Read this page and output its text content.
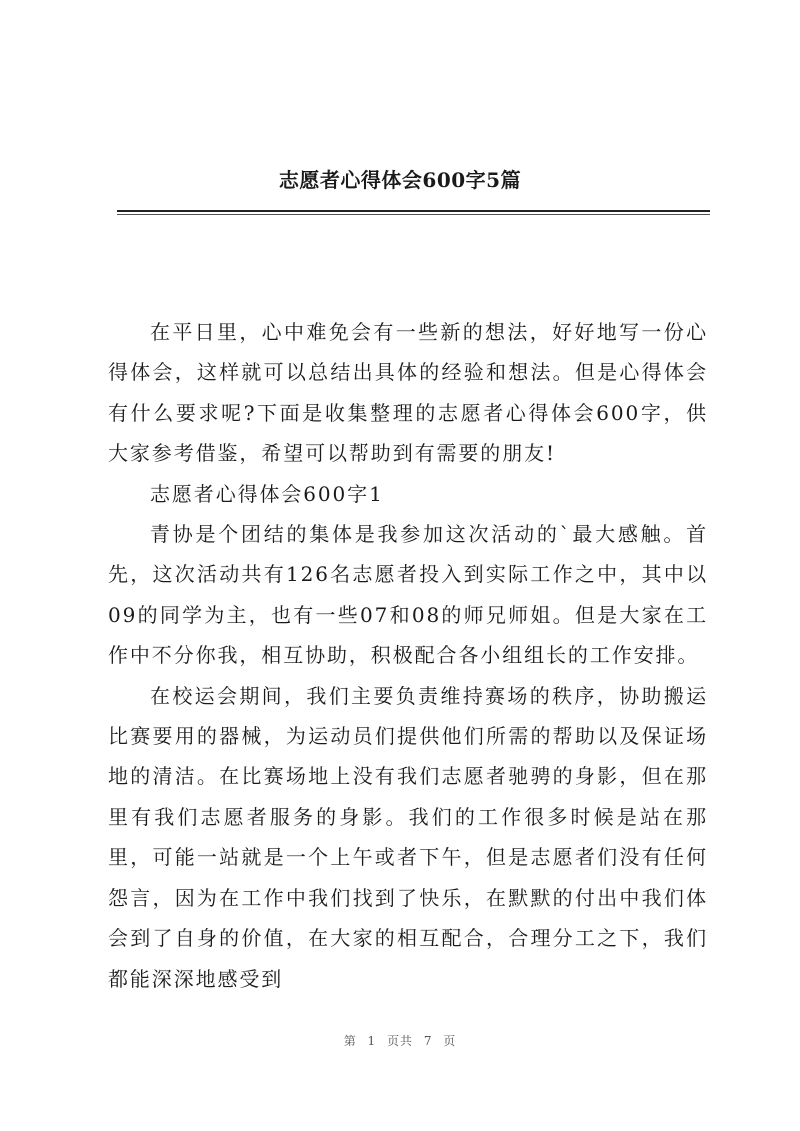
志愿者心得体会600字5篇

在平日里，心中难免会有一些新的想法，好好地写一份心得体会，这样就可以总结出具体的经验和想法。但是心得体会有什么要求呢?下面是收集整理的志愿者心得体会600字，供大家参考借鉴，希望可以帮助到有需要的朋友!

志愿者心得体会600字1

青协是个团结的集体是我参加这次活动的`最大感触。首先，这次活动共有126名志愿者投入到实际工作之中，其中以09的同学为主，也有一些07和08的师兄师姐。但是大家在工作中不分你我，相互协助，积极配合各小组组长的工作安排。

在校运会期间，我们主要负责维持赛场的秩序，协助搬运比赛要用的器械，为运动员们提供他们所需的帮助以及保证场地的清洁。在比赛场地上没有我们志愿者驰骋的身影，但在那里有我们志愿者服务的身影。我们的工作很多时候是站在那里，可能一站就是一个上午或者下午，但是志愿者们没有任何怨言，因为在工作中我们找到了快乐，在默默的付出中我们体会到了自身的价值，在大家的相互配合，合理分工之下，我们都能深深地感受到

第 1 页共 7 页
